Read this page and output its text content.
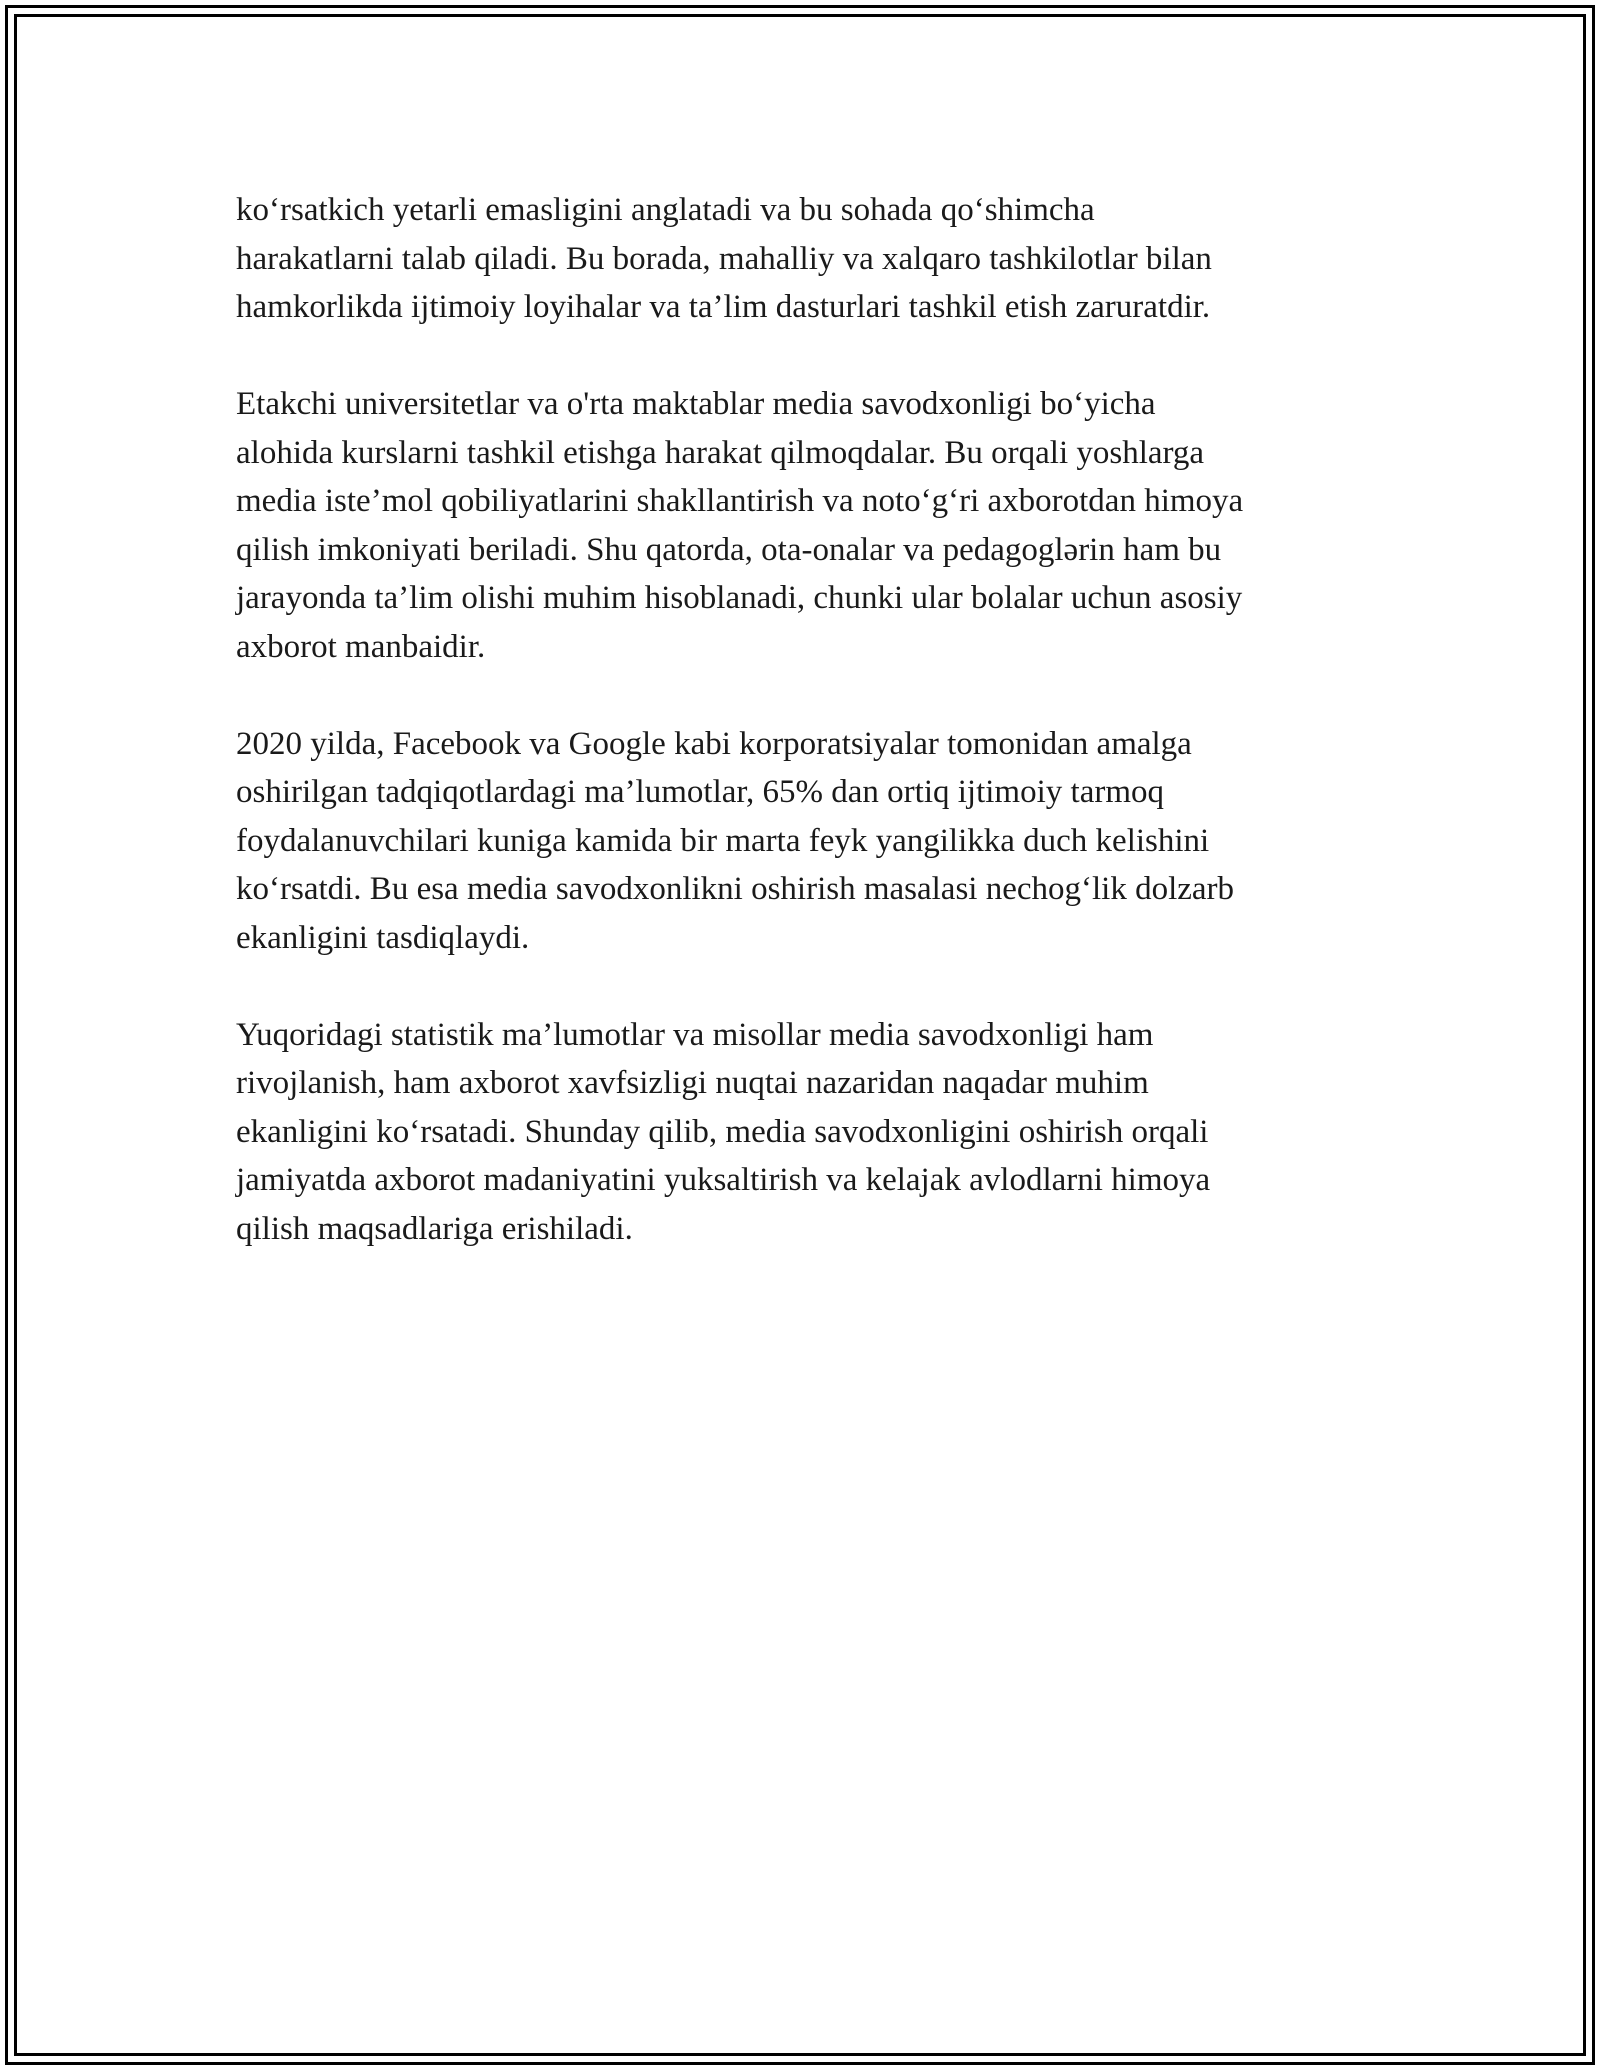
ko‘rsatkich yetarli emasligini anglatadi va bu sohada qo‘shimcha
harakatlarni talab qiladi. Bu borada, mahalliy va xalqaro tashkilotlar bilan
hamkorlikda ijtimoiy loyihalar va ta’lim dasturlari tashkil etish zaruratdir.

Etakchi universitetlar va o'rta maktablar media savodxonligi bo‘yicha
alohida kurslarni tashkil etishga harakat qilmoqdalar. Bu orqali yoshlarga
media iste’mol qobiliyatlarini shakllantirish va noto‘g‘ri axborotdan himoya
qilish imkoniyati beriladi. Shu qatorda, ota-onalar va pedagoglərin ham bu
jarayonda ta’lim olishi muhim hisoblanadi, chunki ular bolalar uchun asosiy
axborot manbaidir.

2020 yilda, Facebook va Google kabi korporatsiyalar tomonidan amalga
oshirilgan tadqiqotlardagi ma’lumotlar, 65% dan ortiq ijtimoiy tarmoq
foydalanuvchilari kuniga kamida bir marta feyk yangilikka duch kelishini
ko‘rsatdi. Bu esa media savodxonlikni oshirish masalasi nechog‘lik dolzarb
ekanligini tasdiqlaydi.

Yuqoridagi statistik ma’lumotlar va misollar media savodxonligi ham
rivojlanish, ham axborot xavfsizligi nuqtai nazaridan naqadar muhim
ekanligini ko‘rsatadi. Shunday qilib, media savodxonligini oshirish orqali
jamiyatda axborot madaniyatini yuksaltirish va kelajak avlodlarni himoya
qilish maqsadlariga erishiladi.
